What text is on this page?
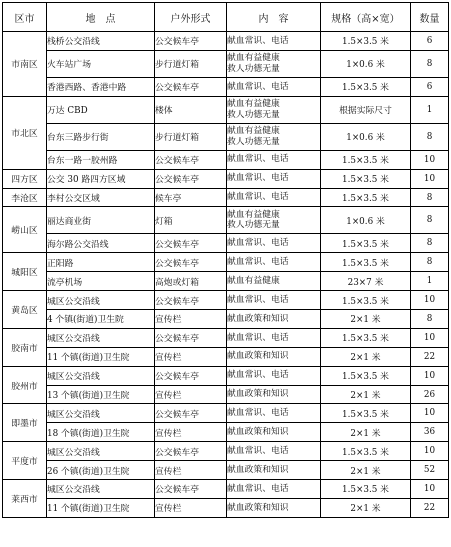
区市	地　点	户外形式	内　容	规格（高×宽）	数量
市南区	栈桥公交沿线	公交候车亭	献血常识、电话	1.5×3.5 米	6
	火车站广场	步行道灯箱	献血有益健康
救人功德无量	1×0.6 米	8
	香港西路、香港中路	公交候车亭	献血常识、电话	1.5×3.5 米	6
市北区	万达 CBD	楼体	献血有益健康
救人功德无量	根据实际尺寸	1
	台东三路步行街	步行道灯箱	献血有益健康
救人功德无量	1×0.6 米	8
	台东一路一胶州路	公交候车亭	献血常识、电话	1.5×3.5 米	10
四方区	公交 30 路四方区域	公交候车亭	献血常识、电话	1.5×3.5 米	10
李沧区	李村公交区域	候车亭	献血常识、电话	1.5×3.5 米	8
崂山区	丽达商业街	灯箱	献血有益健康
救人功德无量	1×0.6 米	8
	海尔路公交沿线	公交候车亭	献血常识、电话	1.5×3.5 米	8
城阳区	正阳路	公交候车亭	献血常识、电话	1.5×3.5 米	8
	流亭机场	高炮或灯箱	献血有益健康	23×7 米	1
黄岛区	城区公交沿线	公交候车亭	献血常识、电话	1.5×3.5 米	10
	4 个镇(街道)卫生院	宣传栏	献血政策和知识	2×1 米	8
胶南市	城区公交沿线	公交候车亭	献血常识、电话	1.5×3.5 米	10
	11 个镇(街道)卫生院	宣传栏	献血政策和知识	2×1 米	22
胶州市	城区公交沿线	公交候车亭	献血常识、电话	1.5×3.5 米	10
	13 个镇(街道)卫生院	宣传栏	献血政策和知识	2×1 米	26
即墨市	城区公交沿线	公交候车亭	献血常识、电话	1.5×3.5 米	10
	18 个镇(街道)卫生院	宣传栏	献血政策和知识	2×1 米	36
平度市	城区公交沿线	公交候车亭	献血常识、电话	1.5×3.5 米	10
	26 个镇(街道)卫生院	宣传栏	献血政策和知识	2×1 米	52
莱西市	城区公交沿线	公交候车亭	献血常识、电话	1.5×3.5 米	10
	11 个镇(街道)卫生院	宣传栏	献血政策和知识	2×1 米	22
